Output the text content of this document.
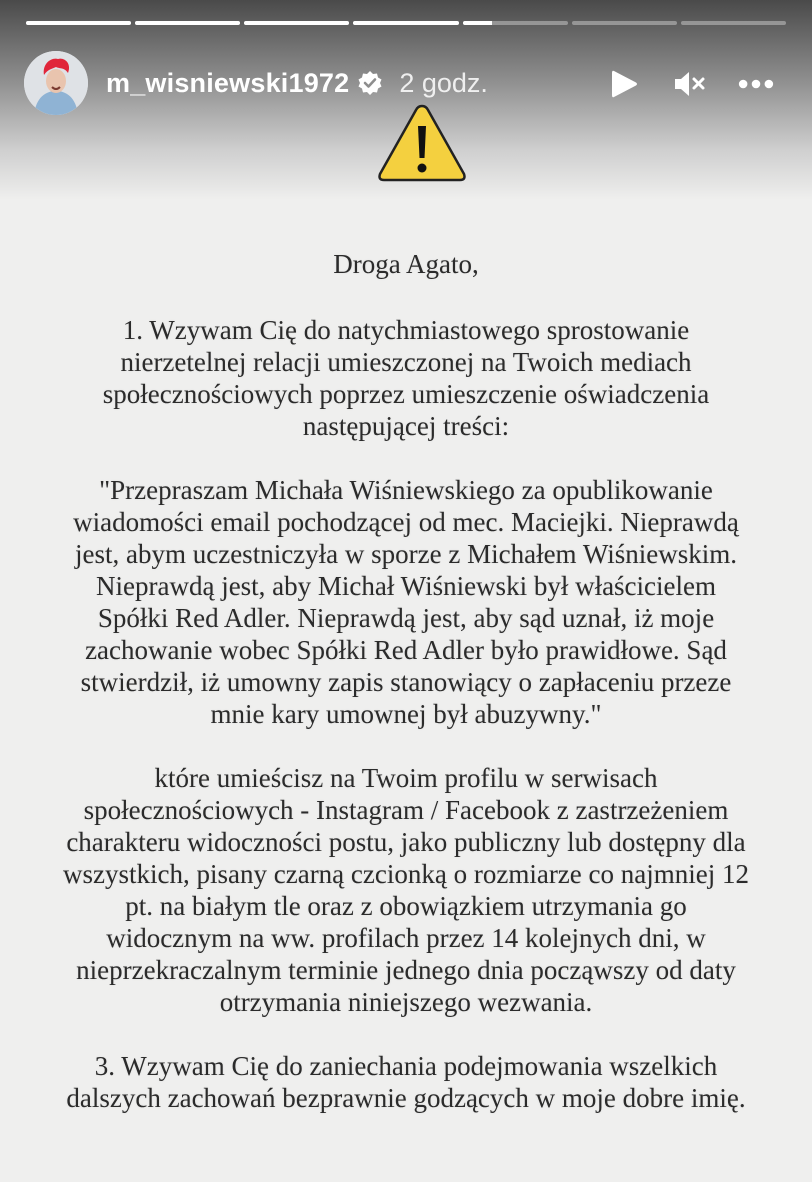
m_wisniewski1972 2 godz.

Droga Agato,

1. Wzywam Cię do natychmiastowego sprostowanie

nierzetelnej relacji umieszczonej na Twoich mediach

społecznościowych poprzez umieszczenie oświadczenia

następującej treści:

"Przepraszam Michała Wiśniewskiego za opublikowanie

wiadomości email pochodzącej od mec. Maciejki. Nieprawdą

jest, abym uczestniczyła w sporze z Michałem Wiśniewskim.

Nieprawdą jest, aby Michał Wiśniewski był właścicielem

Spółki Red Adler. Nieprawdą jest, aby sąd uznał, iż moje

zachowanie wobec Spółki Red Adler było prawidłowe. Sąd

stwierdził, iż umowny zapis stanowiący o zapłaceniu przeze

mnie kary umownej był abuzywny."

które umieścisz na Twoim profilu w serwisach

społecznościowych - Instagram / Facebook z zastrzeżeniem

charakteru widoczności postu, jako publiczny lub dostępny dla

wszystkich, pisany czarną czcionką o rozmiarze co najmniej 12

pt. na białym tle oraz z obowiązkiem utrzymania go

widocznym na ww. profilach przez 14 kolejnych dni, w

nieprzekraczalnym terminie jednego dnia począwszy od daty

otrzymania niniejszego wezwania.

3. Wzywam Cię do zaniechania podejmowania wszelkich

dalszych zachowań bezprawnie godzących w moje dobre imię.
